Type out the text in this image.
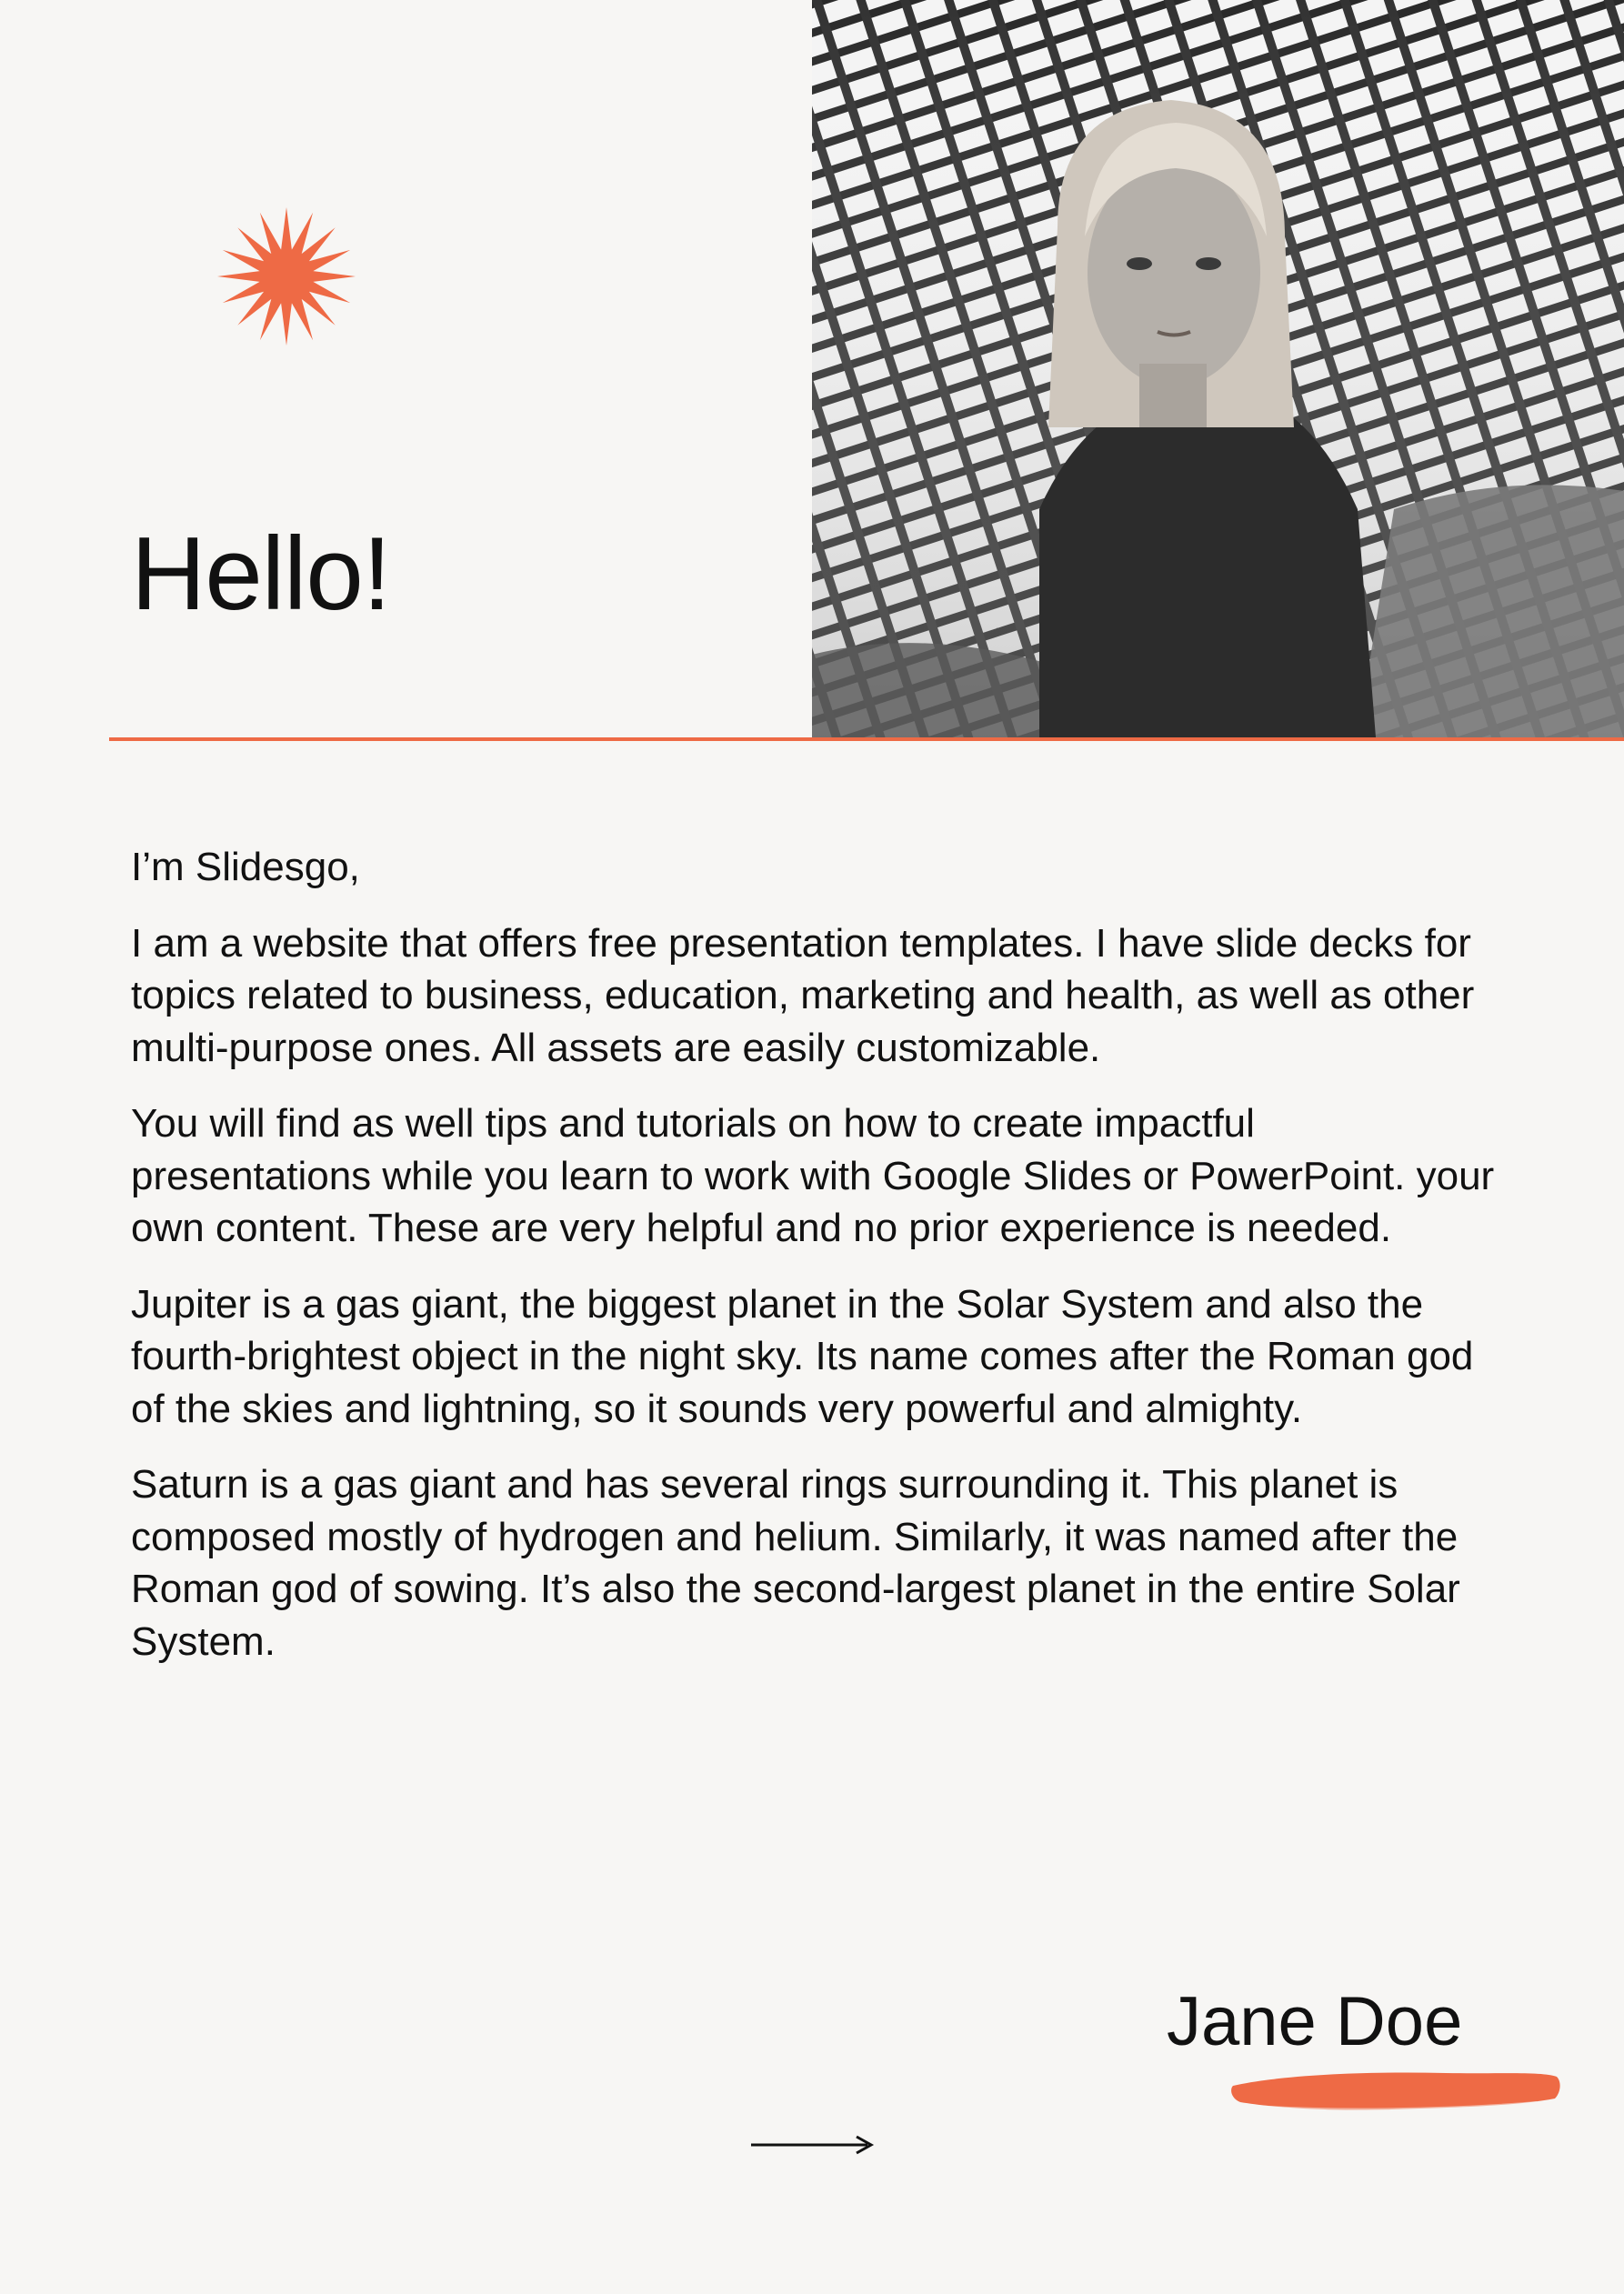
Hello!

I’m Slidesgo,

I am a website that offers free presentation templates. I have slide decks for topics related to business, education, marketing and health, as well as other multi-purpose ones. All assets are easily customizable.

You will find as well tips and tutorials on how to create impactful presentations while you learn to work with Google Slides or PowerPoint. your own content. These are very helpful and no prior experience is needed.

Jupiter is a gas giant, the biggest planet in the Solar System and also the fourth-brightest object in the night sky. Its name comes after the Roman god of the skies and lightning, so it sounds very powerful and almighty.

Saturn is a gas giant and has several rings surrounding it. This planet is composed mostly of hydrogen and helium. Similarly, it was named after the Roman god of sowing. It’s also the second-largest planet in the entire Solar System.

Jane Doe
